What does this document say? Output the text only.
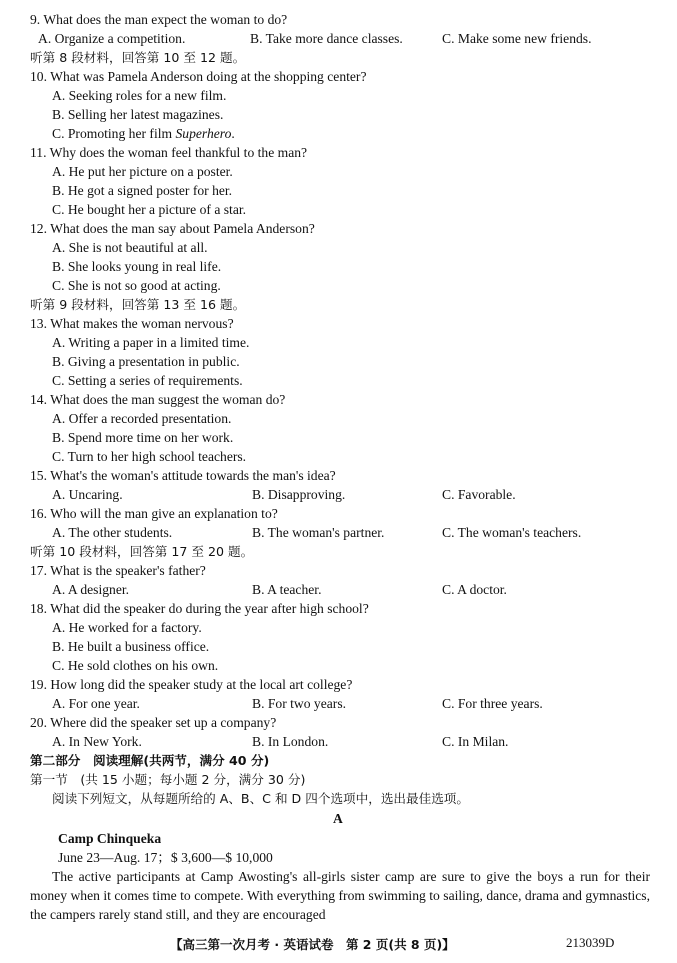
9. What does the man expect the woman to do?
A. Organize a competition.	B. Take more dance classes.	C. Make some new friends.
听第 8 段材料，回答第 10 至 12 题。
10. What was Pamela Anderson doing at the shopping center?
A. Seeking roles for a new film.
B. Selling her latest magazines.
C. Promoting her film Superhero.
11. Why does the woman feel thankful to the man?
A. He put her picture on a poster.
B. He got a signed poster for her.
C. He bought her a picture of a star.
12. What does the man say about Pamela Anderson?
A. She is not beautiful at all.
B. She looks young in real life.
C. She is not so good at acting.
听第 9 段材料，回答第 13 至 16 题。
13. What makes the woman nervous?
A. Writing a paper in a limited time.
B. Giving a presentation in public.
C. Setting a series of requirements.
14. What does the man suggest the woman do?
A. Offer a recorded presentation.
B. Spend more time on her work.
C. Turn to her high school teachers.
15. What's the woman's attitude towards the man's idea?
A. Uncaring.	B. Disapproving.	C. Favorable.
16. Who will the man give an explanation to?
A. The other students.	B. The woman's partner.	C. The woman's teachers.
听第 10 段材料，回答第 17 至 20 题。
17. What is the speaker's father?
A. A designer.	B. A teacher.	C. A doctor.
18. What did the speaker do during the year after high school?
A. He worked for a factory.
B. He built a business office.
C. He sold clothes on his own.
19. How long did the speaker study at the local art college?
A. For one year.	B. For two years.	C. For three years.
20. Where did the speaker set up a company?
A. In New York.	B. In London.	C. In Milan.
第二部分　阅读理解(共两节，满分 40 分)
第一节　(共 15 小题；每小题 2 分，满分 30 分)
阅读下列短文，从每题所给的 A、B、C 和 D 四个选项中，选出最佳选项。
A
Camp Chinqueka
June 23—Aug. 17；$ 3,600—$ 10,000
The active participants at Camp Awosting's all-girls sister camp are sure to give the boys a run for their money when it comes time to compete. With everything from swimming to sailing, dance, drama and gymnastics, the campers rarely stand still, and they are encouraged
【高三第一次月考 · 英语试卷　第 2 页(共 8 页)】	213039D
